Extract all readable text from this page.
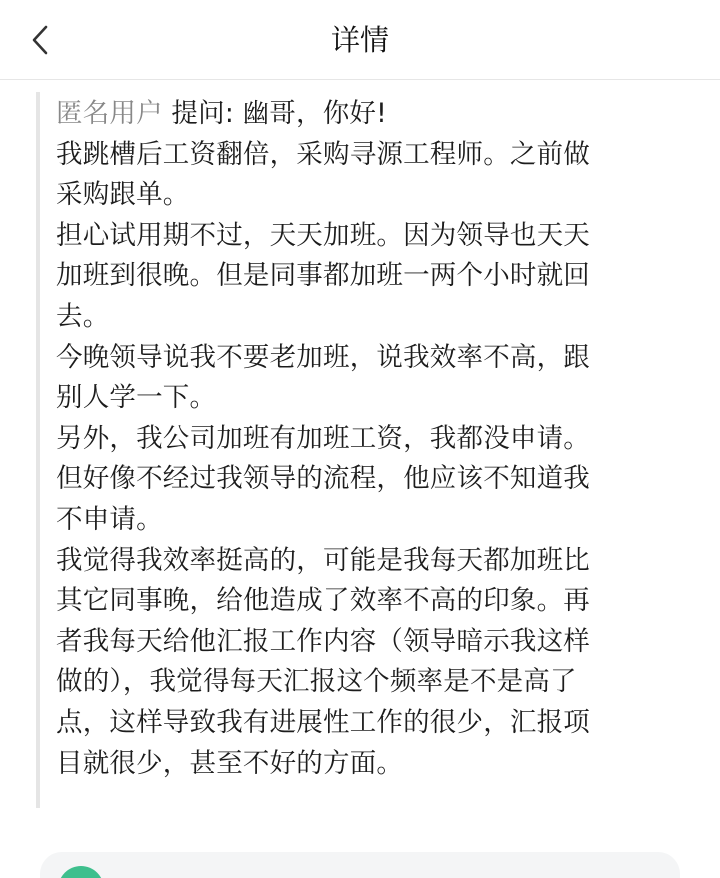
详情
匿名用户 提问: 幽哥，你好!
我跳槽后工资翻倍，采购寻源工程师。之前做
采购跟单。
担心试用期不过，天天加班。因为领导也天天
加班到很晚。但是同事都加班一两个小时就回
去。
今晚领导说我不要老加班，说我效率不高，跟
别人学一下。
另外，我公司加班有加班工资，我都没申请。
但好像不经过我领导的流程，他应该不知道我
不申请。
我觉得我效率挺高的，可能是我每天都加班比
其它同事晚，给他造成了效率不高的印象。再
者我每天给他汇报工作内容（领导暗示我这样
做的），我觉得每天汇报这个频率是不是高了
点，这样导致我有进展性工作的很少，汇报项
目就很少，甚至不好的方面。
